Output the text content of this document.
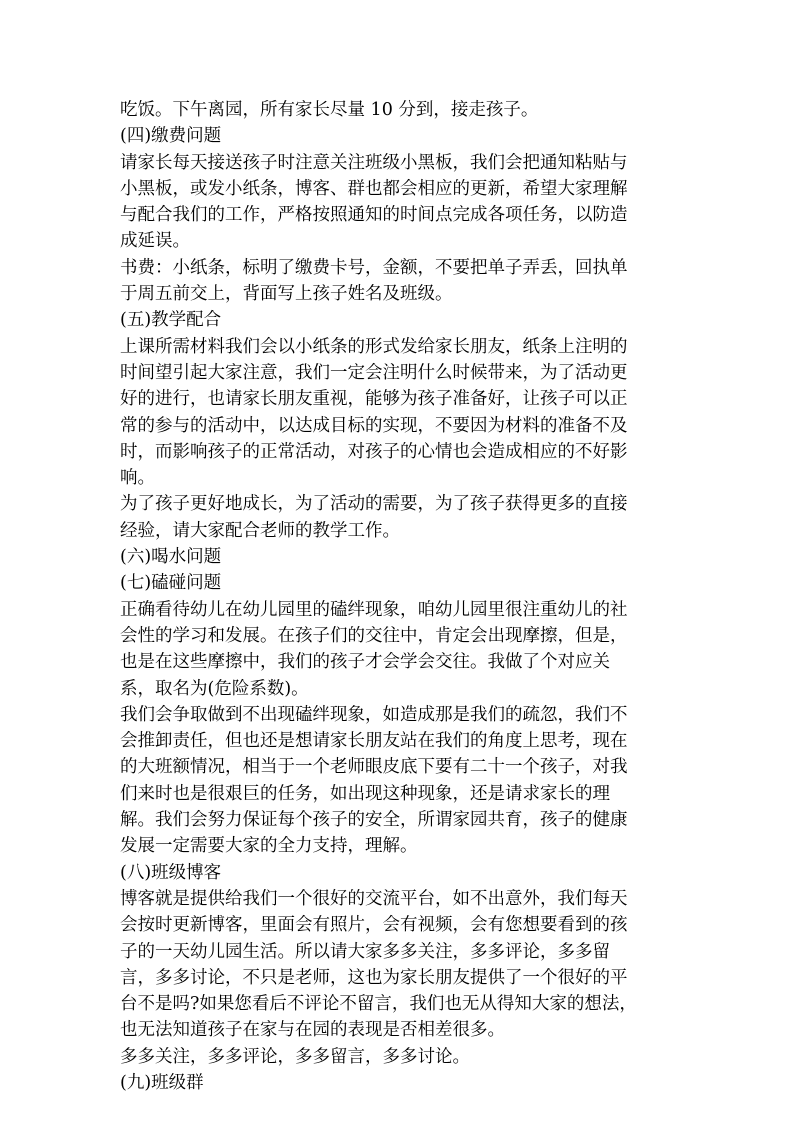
吃饭。下午离园，所有家长尽量 10 分到，接走孩子。
(四)缴费问题
请家长每天接送孩子时注意关注班级小黑板，我们会把通知粘贴与
小黑板，或发小纸条，博客、群也都会相应的更新，希望大家理解
与配合我们的工作，严格按照通知的时间点完成各项任务，以防造
成延误。
书费：小纸条，标明了缴费卡号，金额，不要把单子弄丢，回执单
于周五前交上，背面写上孩子姓名及班级。
(五)教学配合
上课所需材料我们会以小纸条的形式发给家长朋友，纸条上注明的
时间望引起大家注意，我们一定会注明什么时候带来，为了活动更
好的进行，也请家长朋友重视，能够为孩子准备好，让孩子可以正
常的参与的活动中，以达成目标的实现，不要因为材料的准备不及
时，而影响孩子的正常活动，对孩子的心情也会造成相应的不好影
响。
为了孩子更好地成长，为了活动的需要，为了孩子获得更多的直接
经验，请大家配合老师的教学工作。
(六)喝水问题
(七)磕碰问题
正确看待幼儿在幼儿园里的磕绊现象，咱幼儿园里很注重幼儿的社
会性的学习和发展。在孩子们的交往中，肯定会出现摩擦，但是，
也是在这些摩擦中，我们的孩子才会学会交往。我做了个对应关
系，取名为(危险系数)。
我们会争取做到不出现磕绊现象，如造成那是我们的疏忽，我们不
会推卸责任，但也还是想请家长朋友站在我们的角度上思考，现在
的大班额情况，相当于一个老师眼皮底下要有二十一个孩子，对我
们来时也是很艰巨的任务，如出现这种现象，还是请求家长的理
解。我们会努力保证每个孩子的安全，所谓家园共育，孩子的健康
发展一定需要大家的全力支持，理解。
(八)班级博客
博客就是提供给我们一个很好的交流平台，如不出意外，我们每天
会按时更新博客，里面会有照片，会有视频，会有您想要看到的孩
子的一天幼儿园生活。所以请大家多多关注，多多评论，多多留
言，多多讨论，不只是老师，这也为家长朋友提供了一个很好的平
台不是吗?如果您看后不评论不留言，我们也无从得知大家的想法，
也无法知道孩子在家与在园的表现是否相差很多。
多多关注，多多评论，多多留言，多多讨论。
(九)班级群
